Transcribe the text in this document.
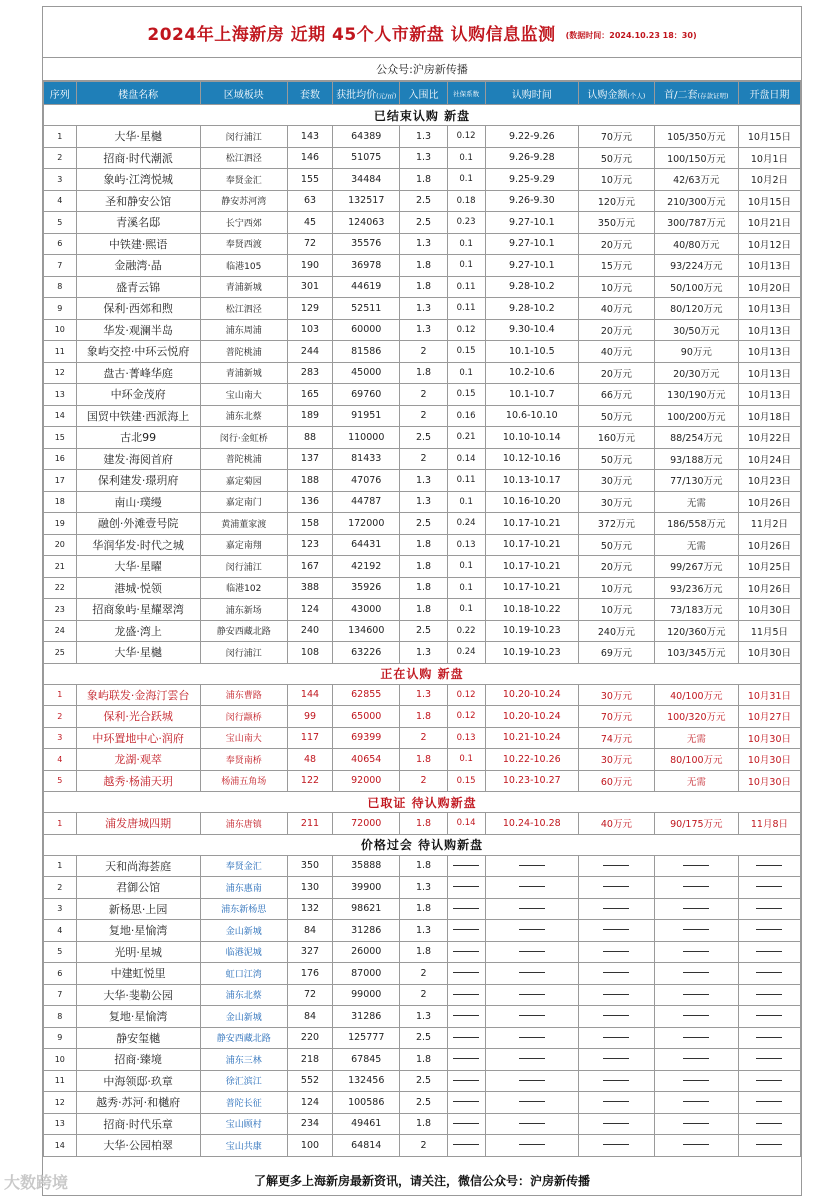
2024年上海新房 近期 45个人市新盘 认购信息监测 (数据时间：2024.10.23 18：30)
公众号:沪房新传播
序列	楼盘名称	区域板块	套数	获批均价(元/㎡)	入围比	社保系数	认购时间	认购金额(个人)	首/二套(存款证明)	开盘日期
已结束认购 新盘										
1	大华·星樾	闵行浦江	143	64389	1.3	0.12	9.22-9.26	70万元	105/350万元	10月15日
2	招商·时代潮派	松江泗泾	146	51075	1.3	0.1	9.26-9.28	50万元	100/150万元	10月1日
3	象屿·江湾悦城	奉贤金汇	155	34484	1.8	0.1	9.25-9.29	10万元	42/63万元	10月2日
4	圣和静安公馆	静安苏河湾	63	132517	2.5	0.18	9.26-9.30	120万元	210/300万元	10月15日
5	青溪名邸	长宁西郊	45	124063	2.5	0.23	9.27-10.1	350万元	300/787万元	10月21日
6	中铁建·熙语	奉贤西渡	72	35576	1.3	0.1	9.27-10.1	20万元	40/80万元	10月12日
7	金融湾·晶	临港105	190	36978	1.8	0.1	9.27-10.1	15万元	93/224万元	10月13日
8	盛青云锦	青浦新城	301	44619	1.8	0.11	9.28-10.2	10万元	50/100万元	10月20日
9	保利·西郊和煦	松江泗泾	129	52511	1.3	0.11	9.28-10.2	40万元	80/120万元	10月13日
10	华发·观澜半岛	浦东周浦	103	60000	1.3	0.12	9.30-10.4	20万元	30/50万元	10月13日
11	象屿交控·中环云悦府	普陀桃浦	244	81586	2	0.15	10.1-10.5	40万元	90万元	10月13日
12	盘古·菁峰华庭	青浦新城	283	45000	1.8	0.1	10.2-10.6	20万元	20/30万元	10月13日
13	中环金茂府	宝山南大	165	69760	2	0.15	10.1-10.7	66万元	130/190万元	10月13日
14	国贸中铁建·西派海上	浦东北蔡	189	91951	2	0.16	10.6-10.10	50万元	100/200万元	10月18日
15	古北99	闵行·金虹桥	88	110000	2.5	0.21	10.10-10.14	160万元	88/254万元	10月22日
16	建发·海阅首府	普陀桃浦	137	81433	2	0.14	10.12-10.16	50万元	93/188万元	10月24日
17	保利建发·璟玥府	嘉定菊园	188	47076	1.3	0.11	10.13-10.17	30万元	77/130万元	10月23日
18	南山·璞缦	嘉定南门	136	44787	1.3	0.1	10.16-10.20	30万元	无需	10月26日
19	融创·外滩壹号院	黄浦董家渡	158	172000	2.5	0.24	10.17-10.21	372万元	186/558万元	11月2日
20	华润华发·时代之城	嘉定南翔	123	64431	1.8	0.13	10.17-10.21	50万元	无需	10月26日
21	大华·星曜	闵行浦江	167	42192	1.8	0.1	10.17-10.21	20万元	99/267万元	10月25日
22	港城·悦领	临港102	388	35926	1.8	0.1	10.17-10.21	10万元	93/236万元	10月26日
23	招商象屿·星耀翠湾	浦东新场	124	43000	1.8	0.1	10.18-10.22	10万元	73/183万元	10月30日
24	龙盛·湾上	静安西藏北路	240	134600	2.5	0.22	10.19-10.23	240万元	120/360万元	11月5日
25	大华·星樾	闵行浦江	108	63226	1.3	0.24	10.19-10.23	69万元	103/345万元	10月30日
正在认购 新盘										
1	象屿联发·金海汀雲台	浦东曹路	144	62855	1.3	0.12	10.20-10.24	30万元	40/100万元	10月31日
2	保利·光合跃城	闵行颛桥	99	65000	1.8	0.12	10.20-10.24	70万元	100/320万元	10月27日
3	中环置地中心·润府	宝山南大	117	69399	2	0.13	10.21-10.24	74万元	无需	10月30日
4	龙湖·观萃	奉贤南桥	48	40654	1.8	0.1	10.22-10.26	30万元	80/100万元	10月30日
5	越秀·杨浦天玥	杨浦五角场	122	92000	2	0.15	10.23-10.27	60万元	无需	10月30日
已取证 待认购新盘										
1	浦发唐城四期	浦东唐镇	211	72000	1.8	0.14	10.24-10.28	40万元	90/175万元	11月8日
价格过会 待认购新盘										
1	天和尚海荟庭	奉贤金汇	350	35888	1.8					
2	君御公馆	浦东惠南	130	39900	1.3					
3	新杨思·上园	浦东新杨思	132	98621	1.8					
4	复地·星愉湾	金山新城	84	31286	1.3					
5	光明·星城	临港泥城	327	26000	1.8					
6	中建虹悦里	虹口江湾	176	87000	2					
7	大华·斐勒公园	浦东北蔡	72	99000	2					
8	复地·星愉湾	金山新城	84	31286	1.3					
9	静安玺樾	静安西藏北路	220	125777	2.5					
10	招商·臻境	浦东三林	218	67845	1.8					
11	中海领邸·玖章	徐汇滨江	552	132456	2.5					
12	越秀·苏河·和樾府	普陀长征	124	100586	2.5					
13	招商·时代乐章	宝山顾村	234	49461	1.8					
14	大华·公园柏翠	宝山共康	100	64814	2					
了解更多上海新房最新资讯，请关注，微信公众号：沪房新传播
大数跨境
